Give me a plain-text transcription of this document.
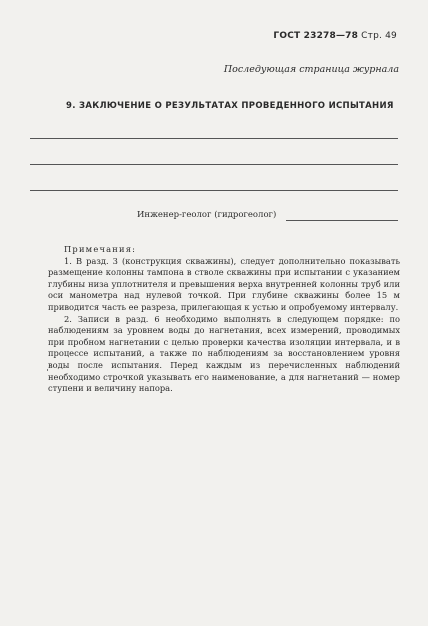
ГОСТ 23278—78 Стр. 49
Последующая страница журнала
9. ЗАКЛЮЧЕНИЕ О РЕЗУЛЬТАТАХ ПРОВЕДЕННОГО ИСПЫТАНИЯ
Инженер-геолог (гидрогеолог)
Примечания:

1. В разд. 3 (конструкция скважины), следует дополнительно показывать размещение колонны тампона в стволе скважины при испытании с указанием глубины низа уплотнителя и превышения верха внутренней колонны труб или оси манометра над нулевой точкой. При глубине скважины более 15 м приводится часть ее разреза, прилегающая к устью и опробуемому интервалу.

2. Записи в разд. 6 необходимо выполнять в следующем порядке: по наблюдениям за уровнем воды до нагнетания, всех измерений, проводимых при пробном нагнетании с целью проверки качества изоляции интервала, и в процессе испытаний, а также по наблюдениям за восстановлением уровня воды после испытания. Перед каждым из перечисленных наблюдений необходимо строчкой указывать его наименование, а для нагнетаний — номер ступени и величину напора.
